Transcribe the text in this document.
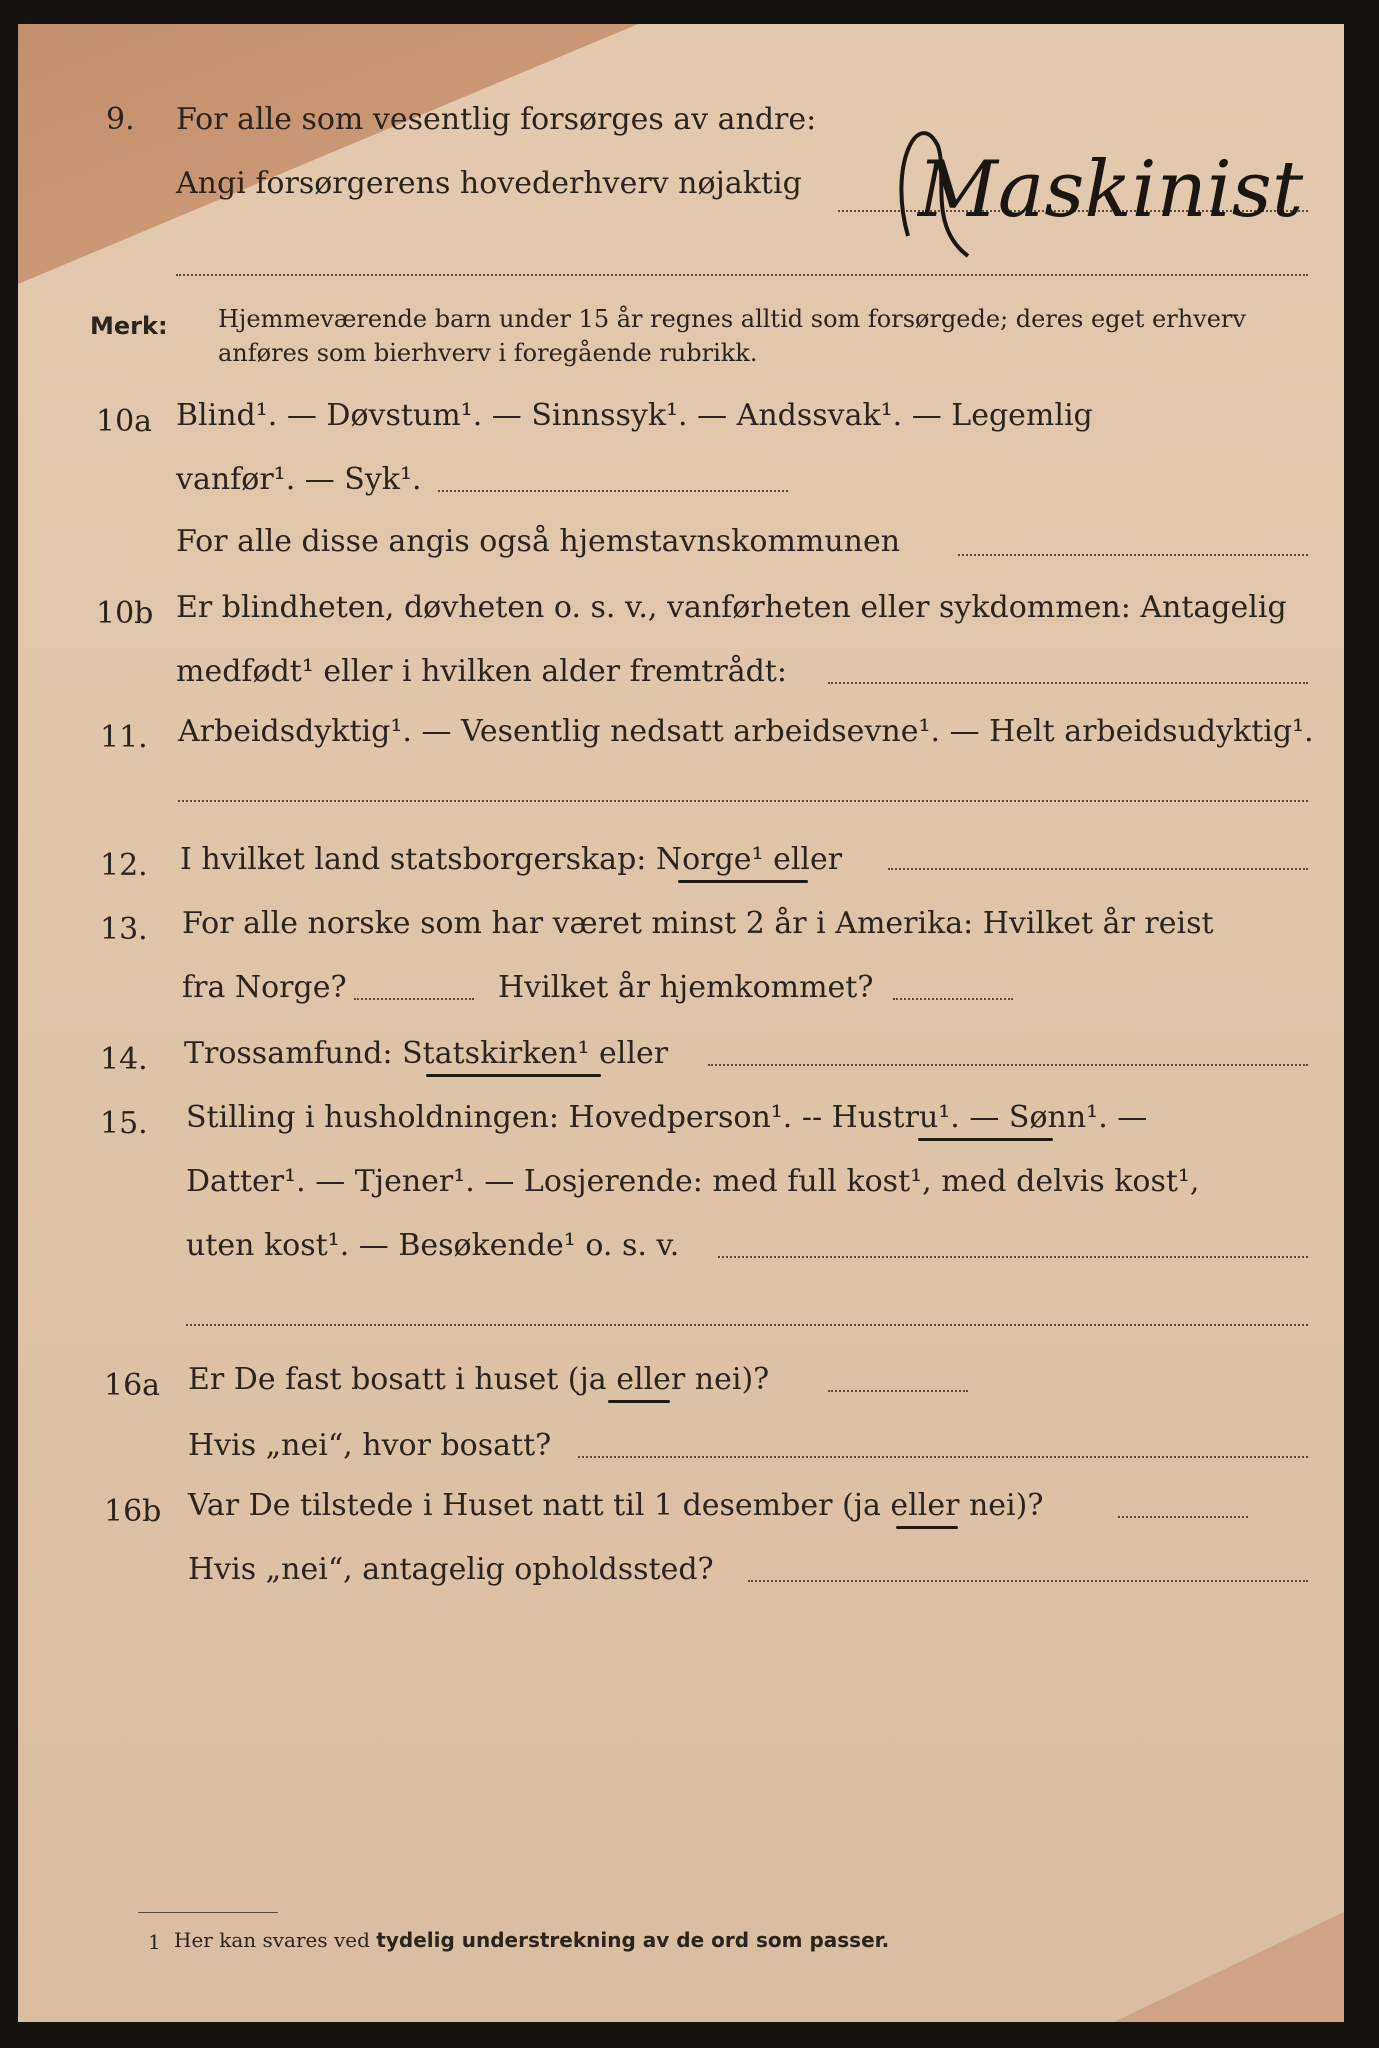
9. For alle som vesentlig forsørges av andre:
Angi forsørgerens hovederhverv nøjaktig Maskinist
Merk: Hjemmeværende barn under 15 år regnes alltid som forsørgede; deres eget erhverv
anføres som bierhverv i foregående rubrikk.
10a Blind¹. — Døvstum¹. — Sinnssyk¹. — Andssvak¹. — Legemlig
vanfør¹. — Syk¹.
For alle disse angis også hjemstavnskommunen
10b Er blindheten, døvheten o. s. v., vanførheten eller sykdommen: Antagelig
medfødt¹ eller i hvilken alder fremtrådt:
11. Arbeidsdyktig¹. — Vesentlig nedsatt arbeidsevne¹. — Helt arbeidsudyktig¹.
12. I hvilket land statsborgerskap: Norge¹ eller
13. For alle norske som har været minst 2 år i Amerika: Hvilket år reist
fra Norge?	Hvilket år hjemkommet?
14. Trossamfund: Statskirken¹ eller
15. Stilling i husholdningen: Hovedperson¹. -- Hustru¹. — Sønn¹. —
Datter¹. — Tjener¹. — Losjerende: med full kost¹, med delvis kost¹,
uten kost¹. — Besøkende¹ o. s. v.
16a Er De fast bosatt i huset (ja eller nei)?
Hvis „nei“, hvor bosatt?
16b Var De tilstede i Huset natt til 1 desember (ja eller nei)?
Hvis „nei“, antagelig opholdssted?
1 Her kan svares ved tydelig understrekning av de ord som passer.
